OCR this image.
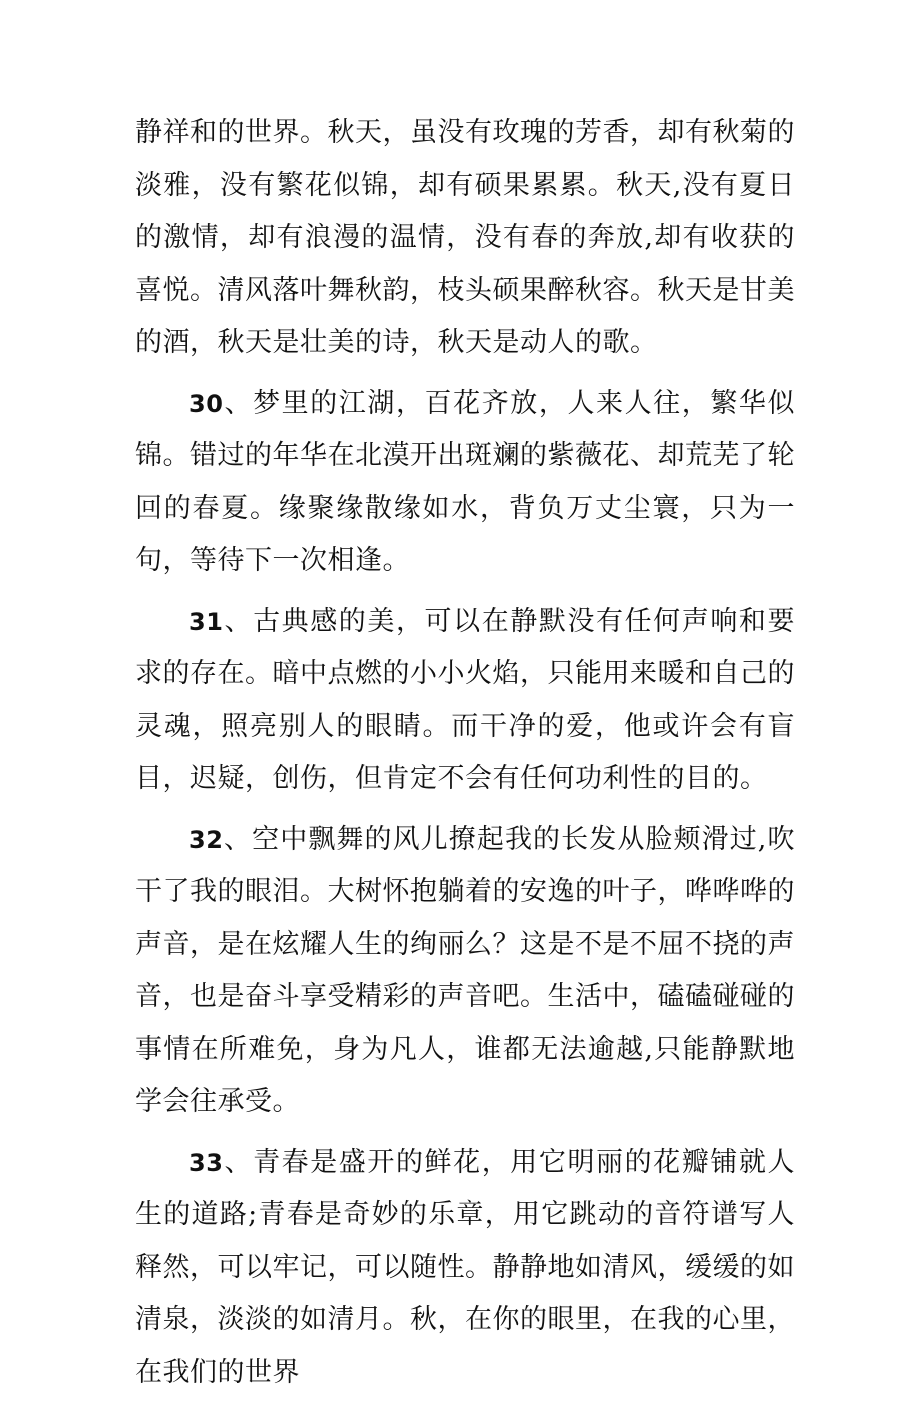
静祥和的世界。秋天，虽没有玫瑰的芳香，却有秋菊的淡雅，没有繁花似锦，却有硕果累累。秋天,没有夏日的激情，却有浪漫的温情，没有春的奔放,却有收获的喜悦。清风落叶舞秋韵，枝头硕果醉秋容。秋天是甘美的酒，秋天是壮美的诗，秋天是动人的歌。

30、梦里的江湖，百花齐放，人来人往，繁华似锦。错过的年华在北漠开出斑斓的紫薇花、却荒芜了轮回的春夏。缘聚缘散缘如水，背负万丈尘寰，只为一句，等待下一次相逢。

31、古典感的美，可以在静默没有任何声响和要求的存在。暗中点燃的小小火焰，只能用来暖和自己的灵魂，照亮别人的眼睛。而干净的爱，他或许会有盲目，迟疑，创伤，但肯定不会有任何功利性的目的。

32、空中飘舞的风儿撩起我的长发从脸颊滑过,吹干了我的眼泪。大树怀抱躺着的安逸的叶子，哗哗哗的声音，是在炫耀人生的绚丽么？这是不是不屈不挠的声音，也是奋斗享受精彩的声音吧。生活中，磕磕碰碰的事情在所难免，身为凡人，谁都无法逾越,只能静默地学会往承受。

33、青春是盛开的鲜花，用它明丽的花瓣铺就人生的道路;青春是奇妙的乐章，用它跳动的音符谱写人释然，可以牢记，可以随性。静静地如清风，缓缓的如清泉，淡淡的如清月。秋，在你的眼里，在我的心里，在我们的世界
